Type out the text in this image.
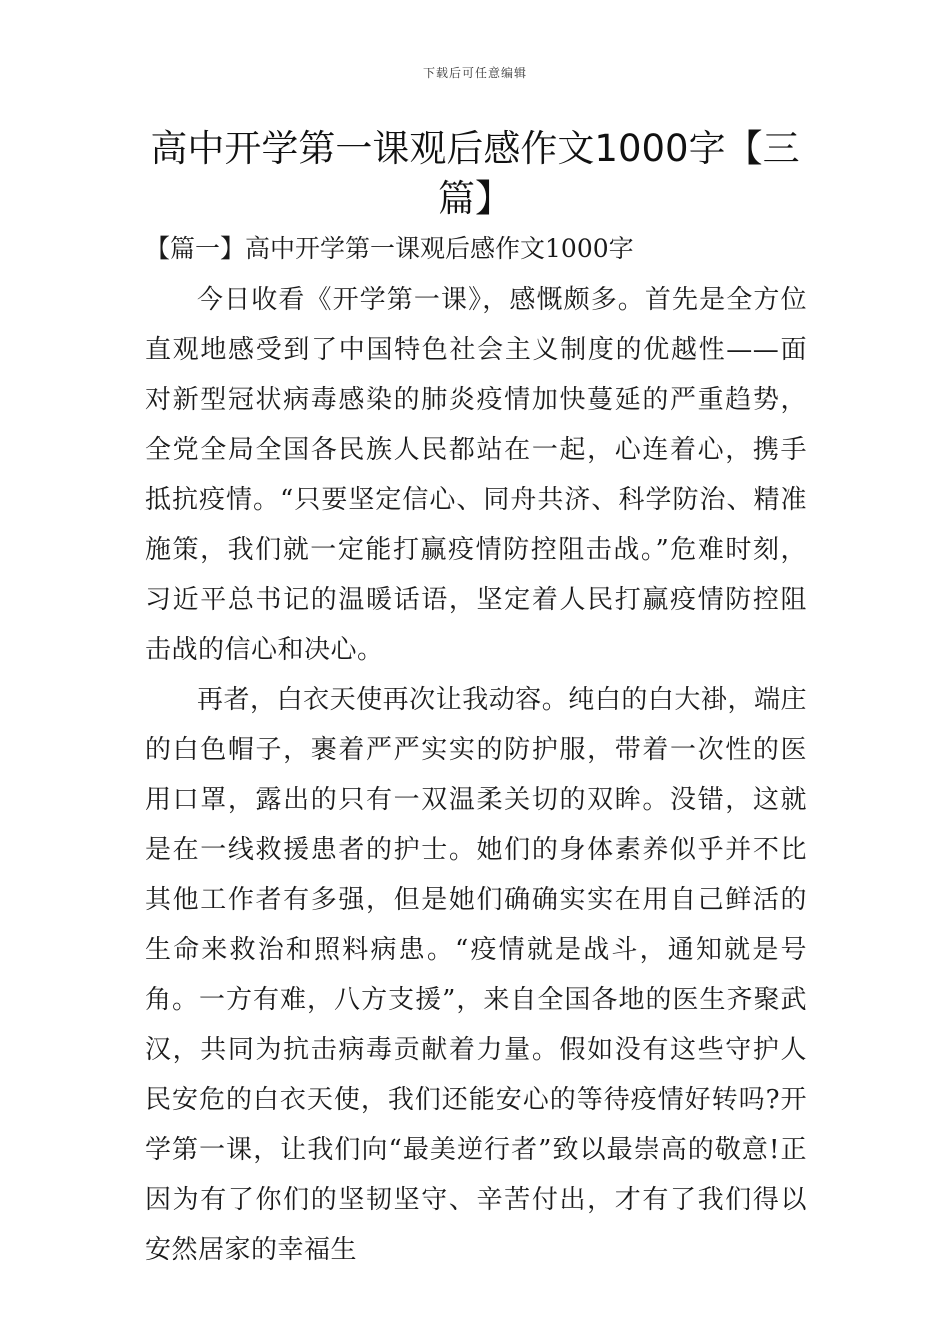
下载后可任意编辑
高中开学第一课观后感作文1000字【三篇】
【篇一】高中开学第一课观后感作文1000字

今日收看《开学第一课》，感慨颇多。首先是全方位直观地感受到了中国特色社会主义制度的优越性——面对新型冠状病毒感染的肺炎疫情加快蔓延的严重趋势，全党全局全国各民族人民都站在一起，心连着心，携手抵抗疫情。“只要坚定信心、同舟共济、科学防治、精准施策，我们就一定能打赢疫情防控阻击战。”危难时刻，习近平总书记的温暖话语，坚定着人民打赢疫情防控阻击战的信心和决心。

再者，白衣天使再次让我动容。纯白的白大褂，端庄的白色帽子，裹着严严实实的防护服，带着一次性的医用口罩，露出的只有一双温柔关切的双眸。没错，这就是在一线救援患者的护士。她们的身体素养似乎并不比其他工作者有多强，但是她们确确实实在用自己鲜活的生命来救治和照料病患。“疫情就是战斗，通知就是号角。一方有难，八方支援”，来自全国各地的医生齐聚武汉，共同为抗击病毒贡献着力量。假如没有这些守护人民安危的白衣天使，我们还能安心的等待疫情好转吗?开学第一课，让我们向“最美逆行者”致以最崇高的敬意!正因为有了你们的坚韧坚守、辛苦付出，才有了我们得以安然居家的幸福生
